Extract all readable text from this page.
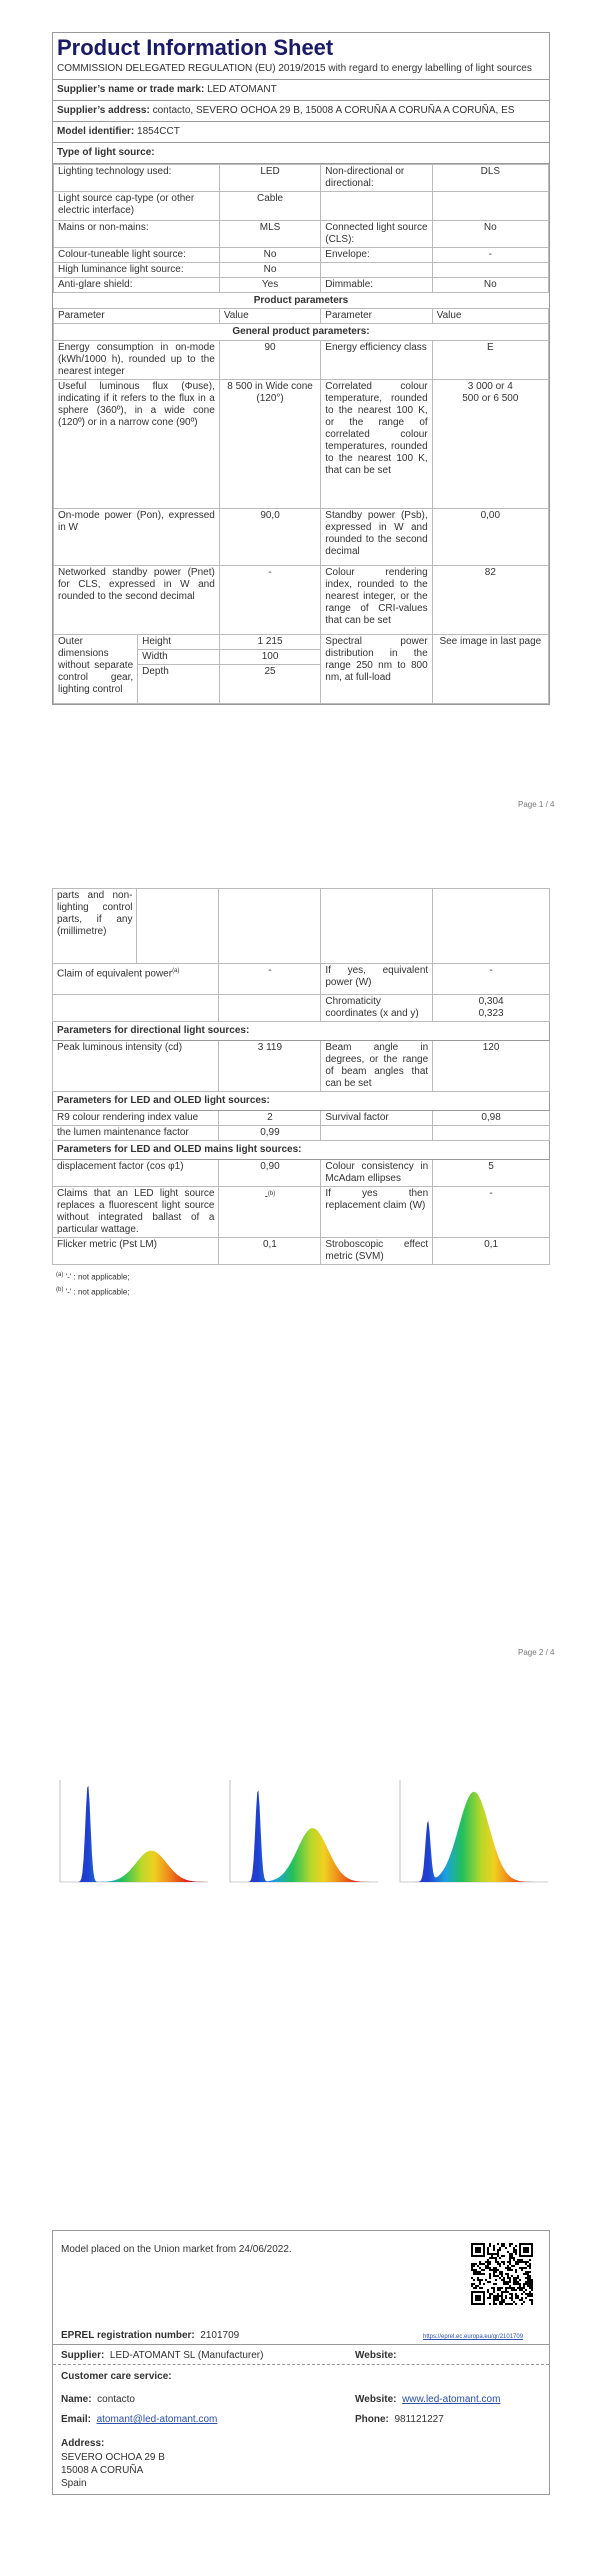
Product Information Sheet
COMMISSION DELEGATED REGULATION (EU) 2019/2015 with regard to energy labelling of light sources
Supplier’s name or trade mark: LED ATOMANT
Supplier’s address: contacto, SEVERO OCHOA 29 B, 15008 A CORUÑA A CORUÑA A CORUÑA, ES
Model identifier: 1854CCT
Type of light source:
Lighting technology used:	LED	Non-directional or directional:	DLS
Light source cap-type (or other electric interface)	Cable		
Mains or non-mains:	MLS	Connected light source (CLS):	No
Colour-tuneable light source:	No	Envelope:	-
High luminance light source:	No		
Anti-glare shield:	Yes	Dimmable:	No
Product parameters
Parameter		Value	Parameter	Value
General product parameters:				
Energy consumption in on-mode (kWh/1000 h), rounded up to the nearest integer		90	Energy efficiency class	E
Useful luminous flux (Φuse), indicating if it refers to the flux in a sphere (360º), in a wide cone (120º) or in a narrow cone (90º)		8 500 in Wide cone (120°)	Correlated colour temperature, rounded to the nearest 100 K, or the range of correlated colour temperatures, rounded to the nearest 100 K, that can be set	3 000 or 4
500 or 6 500
On-mode power (Pon), expressed in W		90,0	Standby power (Psb), expressed in W and rounded to the second decimal	0,00
Networked standby power (Pnet) for CLS, expressed in W and rounded to the second decimal		-	Colour rendering index, rounded to the nearest integer, or the range of CRI-values that can be set	82
Outer dimensions without separate control gear, lighting control	Height	1 215	Spectral power distribution in the range 250 nm to 800 nm, at full-load	See image in last page
	Width	100		
	Depth	25		
Page 1 / 4
parts and non-lighting control parts, if any (millimetre)				
Claim of equivalent power$^{(a)}$		-	If yes, equivalent power (W)	-
			Chromaticity coordinates (x and y)	0,304
0,323
Parameters for directional light sources:				
Peak luminous intensity (cd)		3 119	Beam angle in degrees, or the range of beam angles that can be set	120
Parameters for LED and OLED light sources:				
R9 colour rendering index value		2	Survival factor	0,98
the lumen maintenance factor		0,99		
Parameters for LED and OLED mains light sources:				
displacement factor (cos φ1)		0,90	Colour consistency in McAdam ellipses	5
Claims that an LED light source replaces a fluorescent light source without integrated ballast of a particular wattage.		-$^{(b)}$	If yes then replacement claim (W)	-
Flicker metric (Pst LM)		0,1	Stroboscopic effect metric (SVM)	0,1
$^{(a)}$ '-' : not applicable;
$^{(b)}$ '-' : not applicable;
Page 2 / 4
Model placed on the Union market from 24/06/2022.
EPREL registration number: 2101709	https://eprel.ec.europa.eu/qr/2101709
Supplier: LED-ATOMANT SL (Manufacturer)	Website:
Customer care service:
Name: contacto	Website: www.led-atomant.com
Email: atomant@led-atomant.com	Phone: 981121227
Address:
SEVERO OCHOA 29 B
15008 A CORUÑA
Spain
